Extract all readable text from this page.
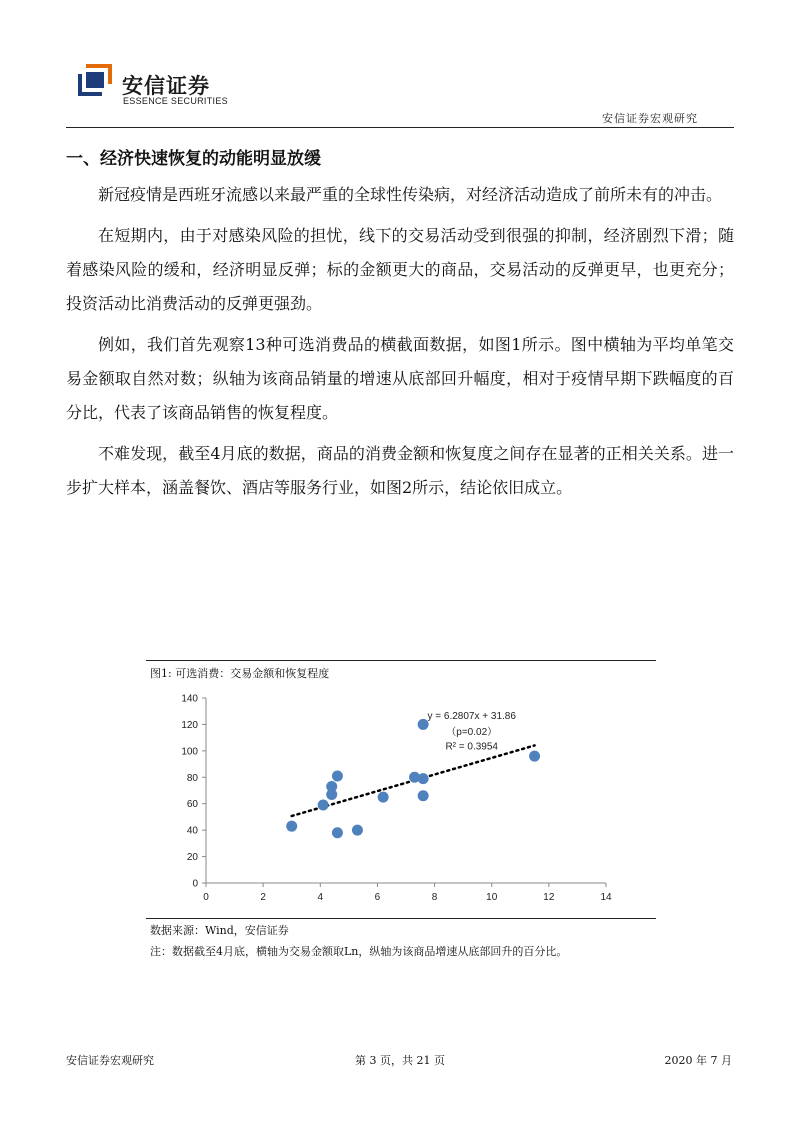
安信证券
ESSENCE SECURITIES
安信证券宏观研究
一、经济快速恢复的动能明显放缓

新冠疫情是西班牙流感以来最严重的全球性传染病，对经济活动造成了前所未有的冲击。

在短期内，由于对感染风险的担忧，线下的交易活动受到很强的抑制，经济剧烈下滑；随着感染风险的缓和，经济明显反弹；标的金额更大的商品，交易活动的反弹更早，也更充分；投资活动比消费活动的反弹更强劲。

例如，我们首先观察13种可选消费品的横截面数据，如图1所示。图中横轴为平均单笔交易金额取自然对数；纵轴为该商品销量的增速从底部回升幅度，相对于疫情早期下跌幅度的百分比，代表了该商品销售的恢复程度。

不难发现，截至4月底的数据，商品的消费金额和恢复度之间存在显著的正相关关系。进一步扩大样本，涵盖餐饮、酒店等服务行业，如图2所示，结论依旧成立。

图1: 可选消费：交易金额和恢复程度
0
20
40
60
80
100
120
140
0	2	4	6	8	10	12	14
y = 6.2807x + 31.86
（p=0.02）
R² = 0.3954
数据来源：Wind，安信证券
注：数据截至4月底，横轴为交易金额取Ln，纵轴为该商品增速从底部回升的百分比。
安信证券宏观研究	第 3 页，共 21 页	2020 年 7 月
